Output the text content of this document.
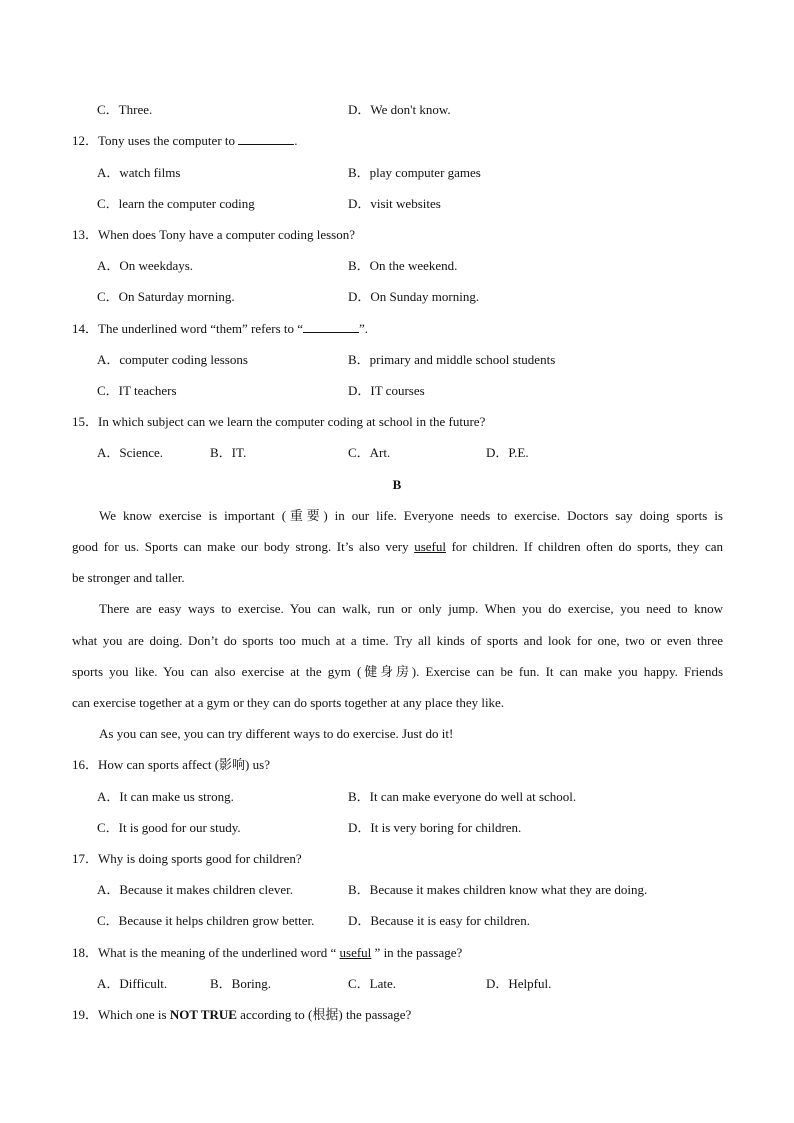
C．Three.	D．We don't know.
12．Tony uses the computer to	.
A．watch films	B．play computer games
C．learn the computer coding	D．visit websites
13．When does Tony have a computer coding lesson?
A．On weekdays.	B．On the weekend.
C．On Saturday morning.	D．On Sunday morning.
14．The underlined word “them” refers to “	”.
A．computer coding lessons	B．primary and middle school students
C．IT teachers	D．IT courses
15．In which subject can we learn the computer coding at school in the future?
A．Science.	B．IT.	C．Art.	D．P.E.
B
We know exercise is important (重要) in our life. Everyone needs to exercise. Doctors say doing sports is
good for us. Sports can make our body strong. It’s also very useful for children. If children often do sports, they can
be stronger and taller.
There are easy ways to exercise. You can walk, run or only jump. When you do exercise, you need to know
what you are doing. Don’t do sports too much at a time. Try all kinds of sports and look for one, two or even three
sports you like. You can also exercise at the gym (健身房). Exercise can be fun. It can make you happy. Friends
can exercise together at a gym or they can do sports together at any place they like.
As you can see, you can try different ways to do exercise. Just do it!
16．How can sports affect (影响) us?
A．It can make us strong.	B．It can make everyone do well at school.
C．It is good for our study.	D．It is very boring for children.
17．Why is doing sports good for children?
A．Because it makes children clever.	B．Because it makes children know what they are doing.
C．Because it helps children grow better.	D．Because it is easy for children.
18．What is the meaning of the underlined word “ useful ” in the passage?
A．Difficult.	B．Boring.	C．Late.	D．Helpful.
19．Which one is NOT TRUE according to (根据) the passage?
